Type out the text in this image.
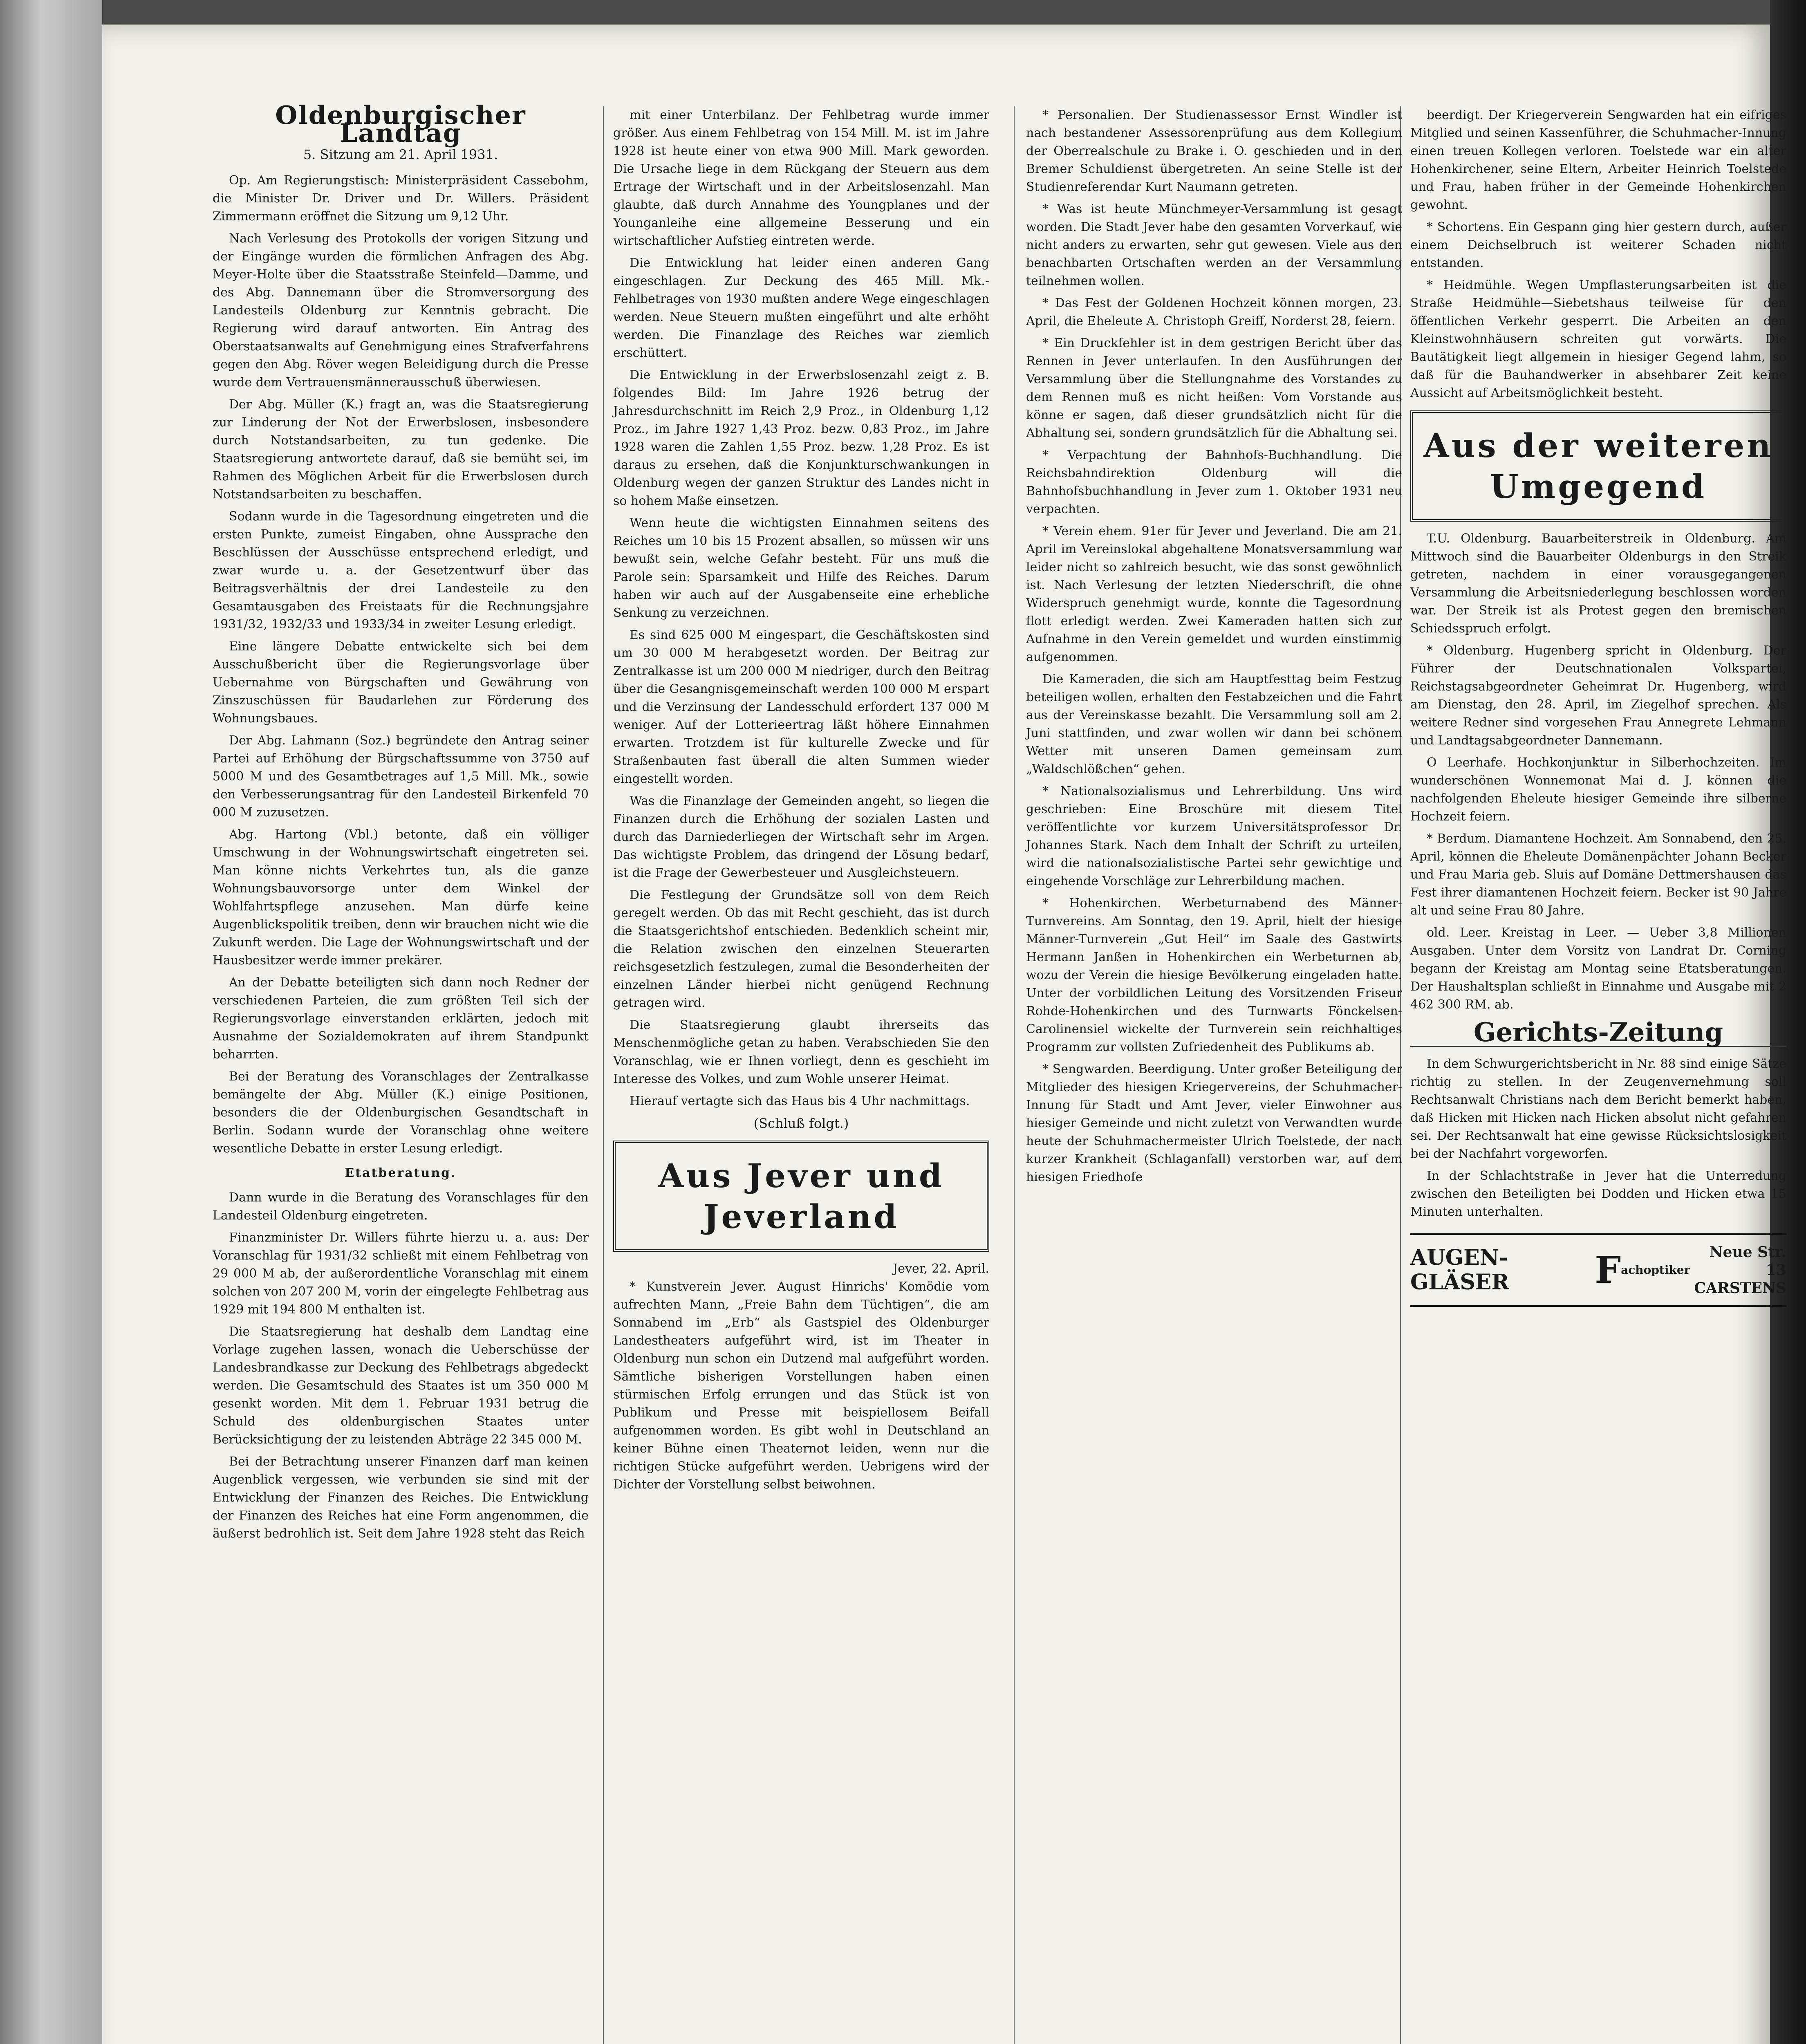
Oldenburgischer Landtag
5. Sitzung am 21. April 1931.

Op. Am Regierungstisch: Ministerpräsident Cassebohm, die Minister Dr. Driver und Dr. Willers. Präsident Zimmermann eröffnet die Sitzung um 9,12 Uhr.

Nach Verlesung des Protokolls der vorigen Sitzung und der Eingänge wurden die förmlichen Anfragen des Abg. Meyer-Holte über die Staatsstraße Steinfeld—Damme, und des Abg. Dannemann über die Stromversorgung des Landesteils Oldenburg zur Kenntnis gebracht. Die Regierung wird darauf antworten. Ein Antrag des Oberstaatsanwalts auf Genehmigung eines Strafverfahrens gegen den Abg. Röver wegen Beleidigung durch die Presse wurde dem Vertrauensmännerausschuß überwiesen.

Der Abg. Müller (K.) fragt an, was die Staatsregierung zur Linderung der Not der Erwerbslosen, insbesondere durch Notstandsarbeiten, zu tun gedenke. Die Staatsregierung antwortete darauf, daß sie bemüht sei, im Rahmen des Möglichen Arbeit für die Erwerbslosen durch Notstandsarbeiten zu beschaffen.

Sodann wurde in die Tagesordnung eingetreten und die ersten Punkte, zumeist Eingaben, ohne Aussprache den Beschlüssen der Ausschüsse entsprechend erledigt, und zwar wurde u. a. der Gesetzentwurf über das Beitragsverhältnis der drei Landesteile zu den Gesamtausgaben des Freistaats für die Rechnungsjahre 1931/32, 1932/33 und 1933/34 in zweiter Lesung erledigt.

Eine längere Debatte entwickelte sich bei dem Ausschußbericht über die Regierungsvorlage über Uebernahme von Bürgschaften und Gewährung von Zinszuschüssen für Baudarlehen zur Förderung des Wohnungsbaues.

Der Abg. Lahmann (Soz.) begründete den Antrag seiner Partei auf Erhöhung der Bürgschaftssumme von 3750 auf 5000 M und des Gesamtbetrages auf 1,5 Mill. Mk., sowie den Verbesserungsantrag für den Landesteil Birkenfeld 70 000 M zuzusetzen.

Abg. Hartong (Vbl.) betonte, daß ein völliger Umschwung in der Wohnungswirtschaft eingetreten sei. Man könne nichts Verkehrtes tun, als die ganze Wohnungsbauvorsorge unter dem Winkel der Wohlfahrtspflege anzusehen. Man dürfe keine Augenblickspolitik treiben, denn wir brauchen nicht wie die Zukunft werden. Die Lage der Wohnungswirtschaft und der Hausbesitzer werde immer prekärer.

An der Debatte beteiligten sich dann noch Redner der verschiedenen Parteien, die zum größten Teil sich der Regierungsvorlage einverstanden erklärten, jedoch mit Ausnahme der Sozialdemokraten auf ihrem Standpunkt beharrten.

Bei der Beratung des Voranschlages der Zentralkasse bemängelte der Abg. Müller (K.) einige Positionen, besonders die der Oldenburgischen Gesandtschaft in Berlin. Sodann wurde der Voranschlag ohne weitere wesentliche Debatte in erster Lesung erledigt.

Etatberatung.

Dann wurde in die Beratung des Voranschlages für den Landesteil Oldenburg eingetreten.

Finanzminister Dr. Willers führte hierzu u. a. aus: Der Voranschlag für 1931/32 schließt mit einem Fehlbetrag von 29 000 M ab, der außerordentliche Voranschlag mit einem solchen von 207 200 M, vorin der eingelegte Fehlbetrag aus 1929 mit 194 800 M enthalten ist.

Die Staatsregierung hat deshalb dem Landtag eine Vorlage zugehen lassen, wonach die Ueberschüsse der Landesbrandkasse zur Deckung des Fehlbetrags abgedeckt werden. Die Gesamtschuld des Staates ist um 350 000 M gesenkt worden. Mit dem 1. Februar 1931 betrug die Schuld des oldenburgischen Staates unter Berücksichtigung der zu leistenden Abträge 22 345 000 M.

Bei der Betrachtung unserer Finanzen darf man keinen Augenblick vergessen, wie verbunden sie sind mit der Entwicklung der Finanzen des Reiches. Die Entwicklung der Finanzen des Reiches hat eine Form angenommen, die äußerst bedrohlich ist. Seit dem Jahre 1928 steht das Reich

mit einer Unterbilanz. Der Fehlbetrag wurde immer größer. Aus einem Fehlbetrag von 154 Mill. M. ist im Jahre 1928 ist heute einer von etwa 900 Mill. Mark geworden. Die Ursache liege in dem Rückgang der Steuern aus dem Ertrage der Wirtschaft und in der Arbeitslosenzahl. Man glaubte, daß durch Annahme des Youngplanes und der Younganleihe eine allgemeine Besserung und ein wirtschaftlicher Aufstieg eintreten werde.

Die Entwicklung hat leider einen anderen Gang eingeschlagen. Zur Deckung des 465 Mill. Mk.-Fehlbetrages von 1930 mußten andere Wege eingeschlagen werden. Neue Steuern mußten eingeführt und alte erhöht werden. Die Finanzlage des Reiches war ziemlich erschüttert.

Die Entwicklung in der Erwerbslosenzahl zeigt z. B. folgendes Bild: Im Jahre 1926 betrug der Jahresdurchschnitt im Reich 2,9 Proz., in Oldenburg 1,12 Proz., im Jahre 1927 1,43 Proz. bezw. 0,83 Proz., im Jahre 1928 waren die Zahlen 1,55 Proz. bezw. 1,28 Proz. Es ist daraus zu ersehen, daß die Konjunkturschwankungen in Oldenburg wegen der ganzen Struktur des Landes nicht in so hohem Maße einsetzen.

Wenn heute die wichtigsten Einnahmen seitens des Reiches um 10 bis 15 Prozent absallen, so müssen wir uns bewußt sein, welche Gefahr besteht. Für uns muß die Parole sein: Sparsamkeit und Hilfe des Reiches. Darum haben wir auch auf der Ausgabenseite eine erhebliche Senkung zu verzeichnen.

Es sind 625 000 M eingespart, die Geschäftskosten sind um 30 000 M herabgesetzt worden. Der Beitrag zur Zentralkasse ist um 200 000 M niedriger, durch den Beitrag über die Gesangnisgemeinschaft werden 100 000 M erspart und die Verzinsung der Landesschuld erfordert 137 000 M weniger. Auf der Lotterieertrag läßt höhere Einnahmen erwarten. Trotzdem ist für kulturelle Zwecke und für Straßenbauten fast überall die alten Summen wieder eingestellt worden.

Was die Finanzlage der Gemeinden angeht, so liegen die Finanzen durch die Erhöhung der sozialen Lasten und durch das Darniederliegen der Wirtschaft sehr im Argen. Das wichtigste Problem, das dringend der Lösung bedarf, ist die Frage der Gewerbesteuer und Ausgleichsteuern.

Die Festlegung der Grundsätze soll von dem Reich geregelt werden. Ob das mit Recht geschieht, das ist durch die Staatsgerichtshof entschieden. Bedenklich scheint mir, die Relation zwischen den einzelnen Steuerarten reichsgesetzlich festzulegen, zumal die Besonderheiten der einzelnen Länder hierbei nicht genügend Rechnung getragen wird.

Die Staatsregierung glaubt ihrerseits das Menschenmögliche getan zu haben. Verabschieden Sie den Voranschlag, wie er Ihnen vorliegt, denn es geschieht im Interesse des Volkes, und zum Wohle unserer Heimat.

Hierauf vertagte sich das Haus bis 4 Uhr nachmittags.

(Schluß folgt.)
Aus Jever und Jeverland
Jever, 22. April.

* Kunstverein Jever. August Hinrichs' Komödie vom aufrechten Mann, „Freie Bahn dem Tüchtigen“, die am Sonnabend im „Erb“ als Gastspiel des Oldenburger Landestheaters aufgeführt wird, ist im Theater in Oldenburg nun schon ein Dutzend mal aufgeführt worden. Sämtliche bisherigen Vorstellungen haben einen stürmischen Erfolg errungen und das Stück ist von Publikum und Presse mit beispiellosem Beifall aufgenommen worden. Es gibt wohl in Deutschland an keiner Bühne einen Theaternot leiden, wenn nur die richtigen Stücke aufgeführt werden. Uebrigens wird der Dichter der Vorstellung selbst beiwohnen.

* Personalien. Der Studienassessor Ernst Windler ist nach bestandener Assessorenprüfung aus dem Kollegium der Oberrealschule zu Brake i. O. geschieden und in den Bremer Schuldienst übergetreten. An seine Stelle ist der Studienreferendar Kurt Naumann getreten.

* Was ist heute Münchmeyer-Versammlung ist gesagt worden. Die Stadt Jever habe den gesamten Vorverkauf, wie nicht anders zu erwarten, sehr gut gewesen. Viele aus den benachbarten Ortschaften werden an der Versammlung teilnehmen wollen.

* Das Fest der Goldenen Hochzeit können morgen, 23. April, die Eheleute A. Christoph Greiff, Norderst 28, feiern.

* Ein Druckfehler ist in dem gestrigen Bericht über das Rennen in Jever unterlaufen. In den Ausführungen der Versammlung über die Stellungnahme des Vorstandes zu dem Rennen muß es nicht heißen: Vom Vorstande aus könne er sagen, daß dieser grundsätzlich nicht für die Abhaltung sei, sondern grundsätzlich für die Abhaltung sei.

* Verpachtung der Bahnhofs-Buchhandlung. Die Reichsbahndirektion Oldenburg will die Bahnhofsbuchhandlung in Jever zum 1. Oktober 1931 neu verpachten.

* Verein ehem. 91er für Jever und Jeverland. Die am 21. April im Vereinslokal abgehaltene Monatsversammlung war leider nicht so zahlreich besucht, wie das sonst gewöhnlich ist. Nach Verlesung der letzten Niederschrift, die ohne Widerspruch genehmigt wurde, konnte die Tagesordnung flott erledigt werden. Zwei Kameraden hatten sich zur Aufnahme in den Verein gemeldet und wurden einstimmig aufgenommen.

Die Kameraden, die sich am Hauptfesttag beim Festzug beteiligen wollen, erhalten den Festabzeichen und die Fahrt aus der Vereinskasse bezahlt. Die Versammlung soll am 2. Juni stattfinden, und zwar wollen wir dann bei schönem Wetter mit unseren Damen gemeinsam zum „Waldschlößchen“ gehen.

* Nationalsozialismus und Lehrerbildung. Uns wird geschrieben: Eine Broschüre mit diesem Titel veröffentlichte vor kurzem Universitätsprofessor Dr. Johannes Stark. Nach dem Inhalt der Schrift zu urteilen, wird die nationalsozialistische Partei sehr gewichtige und eingehende Vorschläge zur Lehrerbildung machen.

* Hohenkirchen. Werbeturnabend des Männer-Turnvereins. Am Sonntag, den 19. April, hielt der hiesige Männer-Turnverein „Gut Heil“ im Saale des Gastwirts Hermann Janßen in Hohenkirchen ein Werbeturnen ab, wozu der Verein die hiesige Bevölkerung eingeladen hatte. Unter der vorbildlichen Leitung des Vorsitzenden Friseur Rohde-Hohenkirchen und des Turnwarts Fönckelsen-Carolinensiel wickelte der Turnverein sein reichhaltiges Programm zur vollsten Zufriedenheit des Publikums ab.

* Sengwarden. Beerdigung. Unter großer Beteiligung der Mitglieder des hiesigen Kriegervereins, der Schuhmacher-Innung für Stadt und Amt Jever, vieler Einwohner aus hiesiger Gemeinde und nicht zuletzt von Verwandten wurde heute der Schuhmachermeister Ulrich Toelstede, der nach kurzer Krankheit (Schlaganfall) verstorben war, auf dem hiesigen Friedhofe

beerdigt. Der Kriegerverein Sengwarden hat ein eifriges Mitglied und seinen Kassenführer, die Schuhmacher-Innung einen treuen Kollegen verloren. Toelstede war ein alter Hohenkirchener, seine Eltern, Arbeiter Heinrich Toelstede und Frau, haben früher in der Gemeinde Hohenkirchen gewohnt.

* Schortens. Ein Gespann ging hier gestern durch, außer einem Deichselbruch ist weiterer Schaden nicht entstanden.

* Heidmühle. Wegen Umpflasterungsarbeiten ist die Straße Heidmühle—Siebetshaus teilweise für den öffentlichen Verkehr gesperrt. Die Arbeiten an den Kleinstwohnhäusern schreiten gut vorwärts. Die Bautätigkeit liegt allgemein in hiesiger Gegend lahm, so daß für die Bauhandwerker in absehbarer Zeit keine Aussicht auf Arbeitsmöglichkeit besteht.

Aus der weiteren Umgegend

T.U. Oldenburg. Bauarbeiterstreik in Oldenburg. Am Mittwoch sind die Bauarbeiter Oldenburgs in den Streik getreten, nachdem in einer vorausgegangenen Versammlung die Arbeitsniederlegung beschlossen worden war. Der Streik ist als Protest gegen den bremischen Schiedsspruch erfolgt.

* Oldenburg. Hugenberg spricht in Oldenburg. Der Führer der Deutschnationalen Volkspartei, Reichstagsabgeordneter Geheimrat Dr. Hugenberg, wird am Dienstag, den 28. April, im Ziegelhof sprechen. Als weitere Redner sind vorgesehen Frau Annegrete Lehmann und Landtagsabgeordneter Dannemann.

O Leerhafe. Hochkonjunktur in Silberhochzeiten. Im wunderschönen Wonnemonat Mai d. J. können die nachfolgenden Eheleute hiesiger Gemeinde ihre silberne Hochzeit feiern.

* Berdum. Diamantene Hochzeit. Am Sonnabend, den 25. April, können die Eheleute Domänenpächter Johann Becker und Frau Maria geb. Sluis auf Domäne Dettmershausen das Fest ihrer diamantenen Hochzeit feiern. Becker ist 90 Jahre alt und seine Frau 80 Jahre.

old. Leer. Kreistag in Leer. — Ueber 3,8 Millionen Ausgaben. Unter dem Vorsitz von Landrat Dr. Corning begann der Kreistag am Montag seine Etatsberatungen. Der Haushaltsplan schließt in Einnahme und Ausgabe mit 2 462 300 RM. ab.

Gerichts-Zeitung

In dem Schwurgerichtsbericht in Nr. 88 sind einige Sätze richtig zu stellen. In der Zeugenvernehmung soll Rechtsanwalt Christians nach dem Bericht bemerkt haben, daß Hicken mit Hicken nach Hicken absolut nicht gefahren sei. Der Rechtsanwalt hat eine gewisse Rücksichtslosigkeit bei der Nachfahrt vorgeworfen.

In der Schlachtstraße in Jever hat die Unterredung zwischen den Beteiligten bei Dodden und Hicken etwa 15 Minuten unterhalten.

AUGEN-GLÄSER	F achoptiker
Neue Str. 13
CARSTENS
